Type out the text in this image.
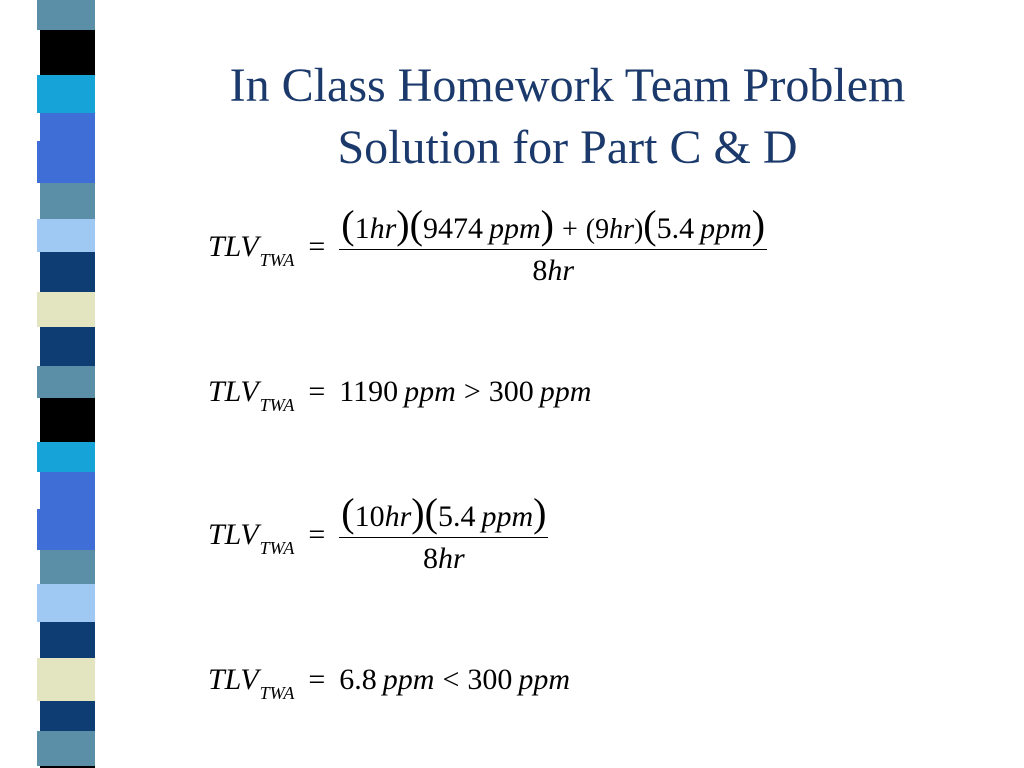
In Class Homework Team Problem
Solution for Part C & D
TLV TWA = $\frac{\text{( 1 hr ) ( 9474 ppm ) + ( 9 hr ) ( 5.4 ppm )}}{8hr}$
TLV TWA = 1190 ppm > 300 ppm
TLV TWA = $\frac{\text{( 10 hr ) ( 5.4 ppm )}}{8hr}$
TLV TWA = 6.8 ppm < 300 ppm
